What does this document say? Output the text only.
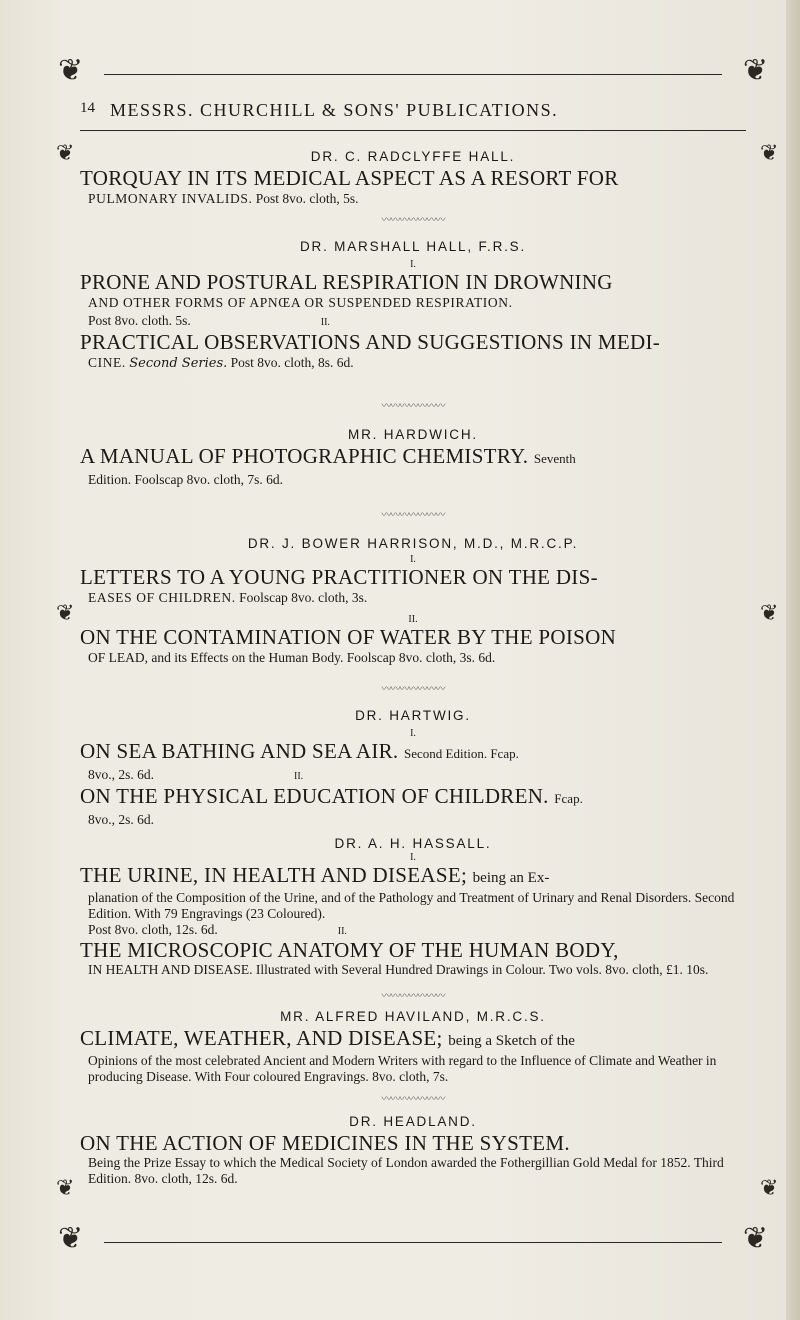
❦	❦
❦
❦
❦
❦
❦
❦
14 MESSRS. CHURCHILL & SONS' PUBLICATIONS.

DR. C. RADCLYFFE HALL.

TORQUAY IN ITS MEDICAL ASPECT AS A RESORT FOR

PULMONARY INVALIDS. Post 8vo. cloth, 5s.

〰〰〰〰〰〰〰

DR. MARSHALL HALL, F.R.S.

I.

PRONE AND POSTURAL RESPIRATION IN DROWNING

AND OTHER FORMS OF APNŒA OR SUSPENDED RESPIRATION.

Post 8vo. cloth. 5s.	II.

PRACTICAL OBSERVATIONS AND SUGGESTIONS IN MEDI-

CINE. Second Series. Post 8vo. cloth, 8s. 6d.

〰〰〰〰〰〰〰

MR. HARDWICH.

A MANUAL OF PHOTOGRAPHIC CHEMISTRY. Seventh

Edition. Foolscap 8vo. cloth, 7s. 6d.

〰〰〰〰〰〰〰

DR. J. BOWER HARRISON, M.D., M.R.C.P.

I.

LETTERS TO A YOUNG PRACTITIONER ON THE DIS-

EASES OF CHILDREN. Foolscap 8vo. cloth, 3s.

II.

ON THE CONTAMINATION OF WATER BY THE POISON

OF LEAD, and its Effects on the Human Body. Foolscap 8vo. cloth, 3s. 6d.

〰〰〰〰〰〰〰

DR. HARTWIG.

I.

ON SEA BATHING AND SEA AIR. Second Edition. Fcap.

8vo., 2s. 6d.	II.

ON THE PHYSICAL EDUCATION OF CHILDREN. Fcap.

8vo., 2s. 6d.

DR. A. H. HASSALL.

I.

THE URINE, IN HEALTH AND DISEASE; being an Ex-

planation of the Composition of the Urine, and of the Pathology and Treatment of Urinary and Renal Disorders. Second Edition. With 79 Engravings (23 Coloured).

Post 8vo. cloth, 12s. 6d.	II.

THE MICROSCOPIC ANATOMY OF THE HUMAN BODY,

IN HEALTH AND DISEASE. Illustrated with Several Hundred Drawings in Colour. Two vols. 8vo. cloth, £1. 10s.

〰〰〰〰〰〰〰

MR. ALFRED HAVILAND, M.R.C.S.

CLIMATE, WEATHER, AND DISEASE; being a Sketch of the

Opinions of the most celebrated Ancient and Modern Writers with regard to the Influence of Climate and Weather in producing Disease. With Four coloured Engravings. 8vo. cloth, 7s.

〰〰〰〰〰〰〰

DR. HEADLAND.

ON THE ACTION OF MEDICINES IN THE SYSTEM.

Being the Prize Essay to which the Medical Society of London awarded the Fothergillian Gold Medal for 1852. Third Edition. 8vo. cloth, 12s. 6d.

❦	❦
